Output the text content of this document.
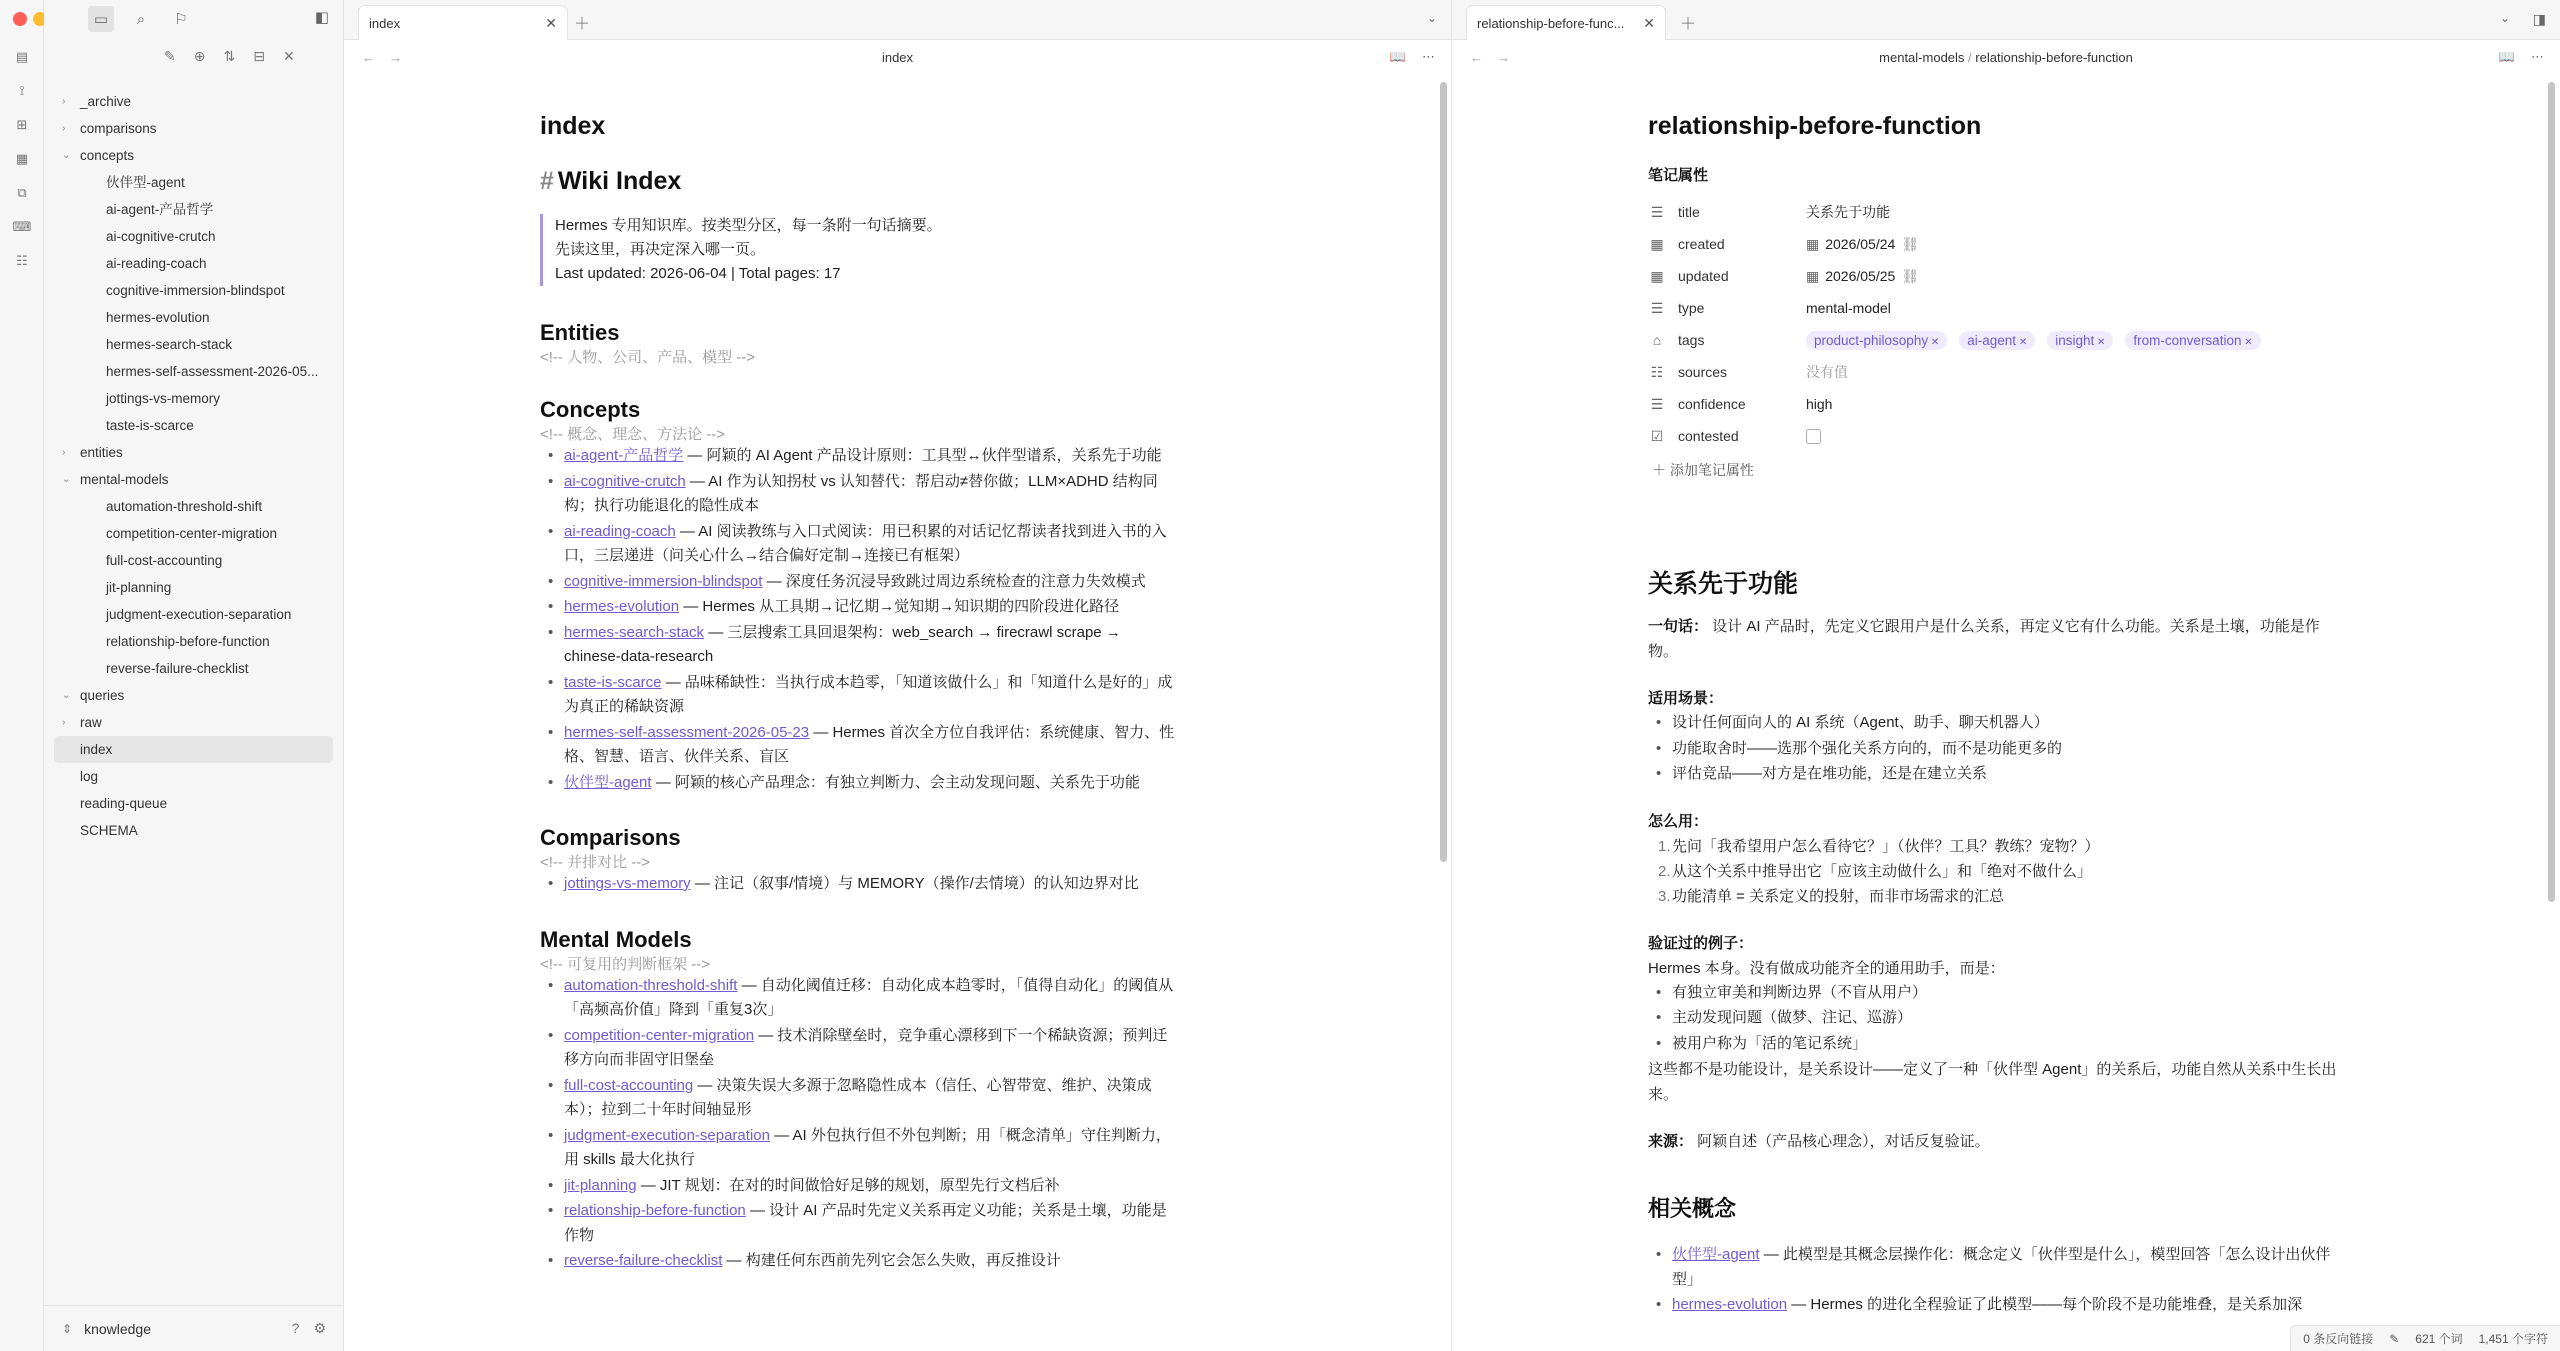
▤
⟟
⊞
▦
⧉
⌨
☷
▭	⌕	⚐	◧
✎ ⊕ ⇅ ⊟ ✕
› _archive
› comparisons
⌄ concepts
伙伴型-agent
ai-agent-产品哲学
ai-cognitive-crutch
ai-reading-coach
cognitive-immersion-blindspot
hermes-evolution
hermes-search-stack
hermes-self-assessment-2026-05...
jottings-vs-memory
taste-is-scarce
› entities
⌄ mental-models
automation-threshold-shift
competition-center-migration
full-cost-accounting
jit-planning
judgment-execution-separation
relationship-before-function
reverse-failure-checklist
⌄ queries
› raw
index
log
reading-queue
SCHEMA
⇕ knowledge	? ⚙
index	✕ ＋	⌄
←→	index	📖 ⋯
index
# Wiki Index
Hermes 专用知识库。按类型分区，每一条附一句话摘要。
先读这里，再决定深入哪一页。
Last updated: 2026-06-04 | Total pages: 17
Entities
<!-- 人物、公司、产品、模型 -->
Concepts
<!-- 概念、理念、方法论 -->
• ai-agent-产品哲学 — 阿颖的 AI Agent 产品设计原则：工具型↔伙伴型谱系，关系先于功能
• ai-cognitive-crutch — AI 作为认知拐杖 vs 认知替代：帮启动≠替你做；LLM×ADHD 结构同构；执行功能退化的隐性成本
• ai-reading-coach — AI 阅读教练与入口式阅读：用已积累的对话记忆帮读者找到进入书的入口，三层递进（问关心什么→结合偏好定制→连接已有框架）
• cognitive-immersion-blindspot — 深度任务沉浸导致跳过周边系统检查的注意力失效模式
• hermes-evolution — Hermes 从工具期→记忆期→觉知期→知识期的四阶段进化路径
• hermes-search-stack — 三层搜索工具回退架构：web_search → firecrawl scrape → chinese-data-research
• taste-is-scarce — 品味稀缺性：当执行成本趋零，「知道该做什么」和「知道什么是好的」成为真正的稀缺资源
• hermes-self-assessment-2026-05-23 — Hermes 首次全方位自我评估：系统健康、智力、性格、智慧、语言、伙伴关系、盲区
• 伙伴型-agent — 阿颖的核心产品理念：有独立判断力、会主动发现问题、关系先于功能
Comparisons
<!-- 并排对比 -->
• jottings-vs-memory — 注记（叙事/情境）与 MEMORY（操作/去情境）的认知边界对比
Mental Models
<!-- 可复用的判断框架 -->
• automation-threshold-shift — 自动化阈值迁移：自动化成本趋零时，「值得自动化」的阈值从「高频高价值」降到「重复3次」
• competition-center-migration — 技术消除壁垒时，竞争重心漂移到下一个稀缺资源；预判迁移方向而非固守旧堡垒
• full-cost-accounting — 决策失误大多源于忽略隐性成本（信任、心智带宽、维护、决策成本）；拉到二十年时间轴显形
• judgment-execution-separation — AI 外包执行但不外包判断；用「概念清单」守住判断力，用 skills 最大化执行
• jit-planning — JIT 规划：在对的时间做恰好足够的规划，原型先行文档后补
• relationship-before-function — 设计 AI 产品时先定义关系再定义功能；关系是土壤，功能是作物
• reverse-failure-checklist — 构建任何东西前先列它会怎么失败，再反推设计
relationship-before-func... ✕ ＋	⌄ ◨
←→	mental-models / relationship-before-function	📖 ⋯
relationship-before-function
笔记属性
☰	title	关系先于功能
▦	created	▦ 2026/05/24 ⛓
▦	updated	▦ 2026/05/25 ⛓
☰	type	mental-model
⌂	tags	product-philosophy ✕	ai-agent ✕	insight ✕	from-conversation ✕
☷	sources	没有值
☰	confidence	high
☑	contested
＋ 添加笔记属性
关系先于功能
一句话： 设计 AI 产品时，先定义它跟用户是什么关系，再定义它有什么功能。关系是土壤，功能是作物。
适用场景：
• 设计任何面向人的 AI 系统（Agent、助手、聊天机器人）
• 功能取舍时——选那个强化关系方向的，而不是功能更多的
• 评估竞品——对方是在堆功能，还是在建立关系
怎么用：
1. 先问「我希望用户怎么看待它？」（伙伴？工具？教练？宠物？）
2. 从这个关系中推导出它「应该主动做什么」和「绝对不做什么」
3. 功能清单 = 关系定义的投射，而非市场需求的汇总
验证过的例子：
Hermes 本身。没有做成功能齐全的通用助手，而是：
• 有独立审美和判断边界（不盲从用户）
• 主动发现问题（做梦、注记、巡游）
• 被用户称为「活的笔记系统」
这些都不是功能设计，是关系设计——定义了一种「伙伴型 Agent」的关系后，功能自然从关系中生长出来。
来源： 阿颖自述（产品核心理念），对话反复验证。
相关概念
• 伙伴型-agent — 此模型是其概念层操作化：概念定义「伙伴型是什么」，模型回答「怎么设计出伙伴型」
• hermes-evolution — Hermes 的进化全程验证了此模型——每个阶段不是功能堆叠，是关系加深
0 条反向链接 ✎ 621 个词 1,451 个字符
